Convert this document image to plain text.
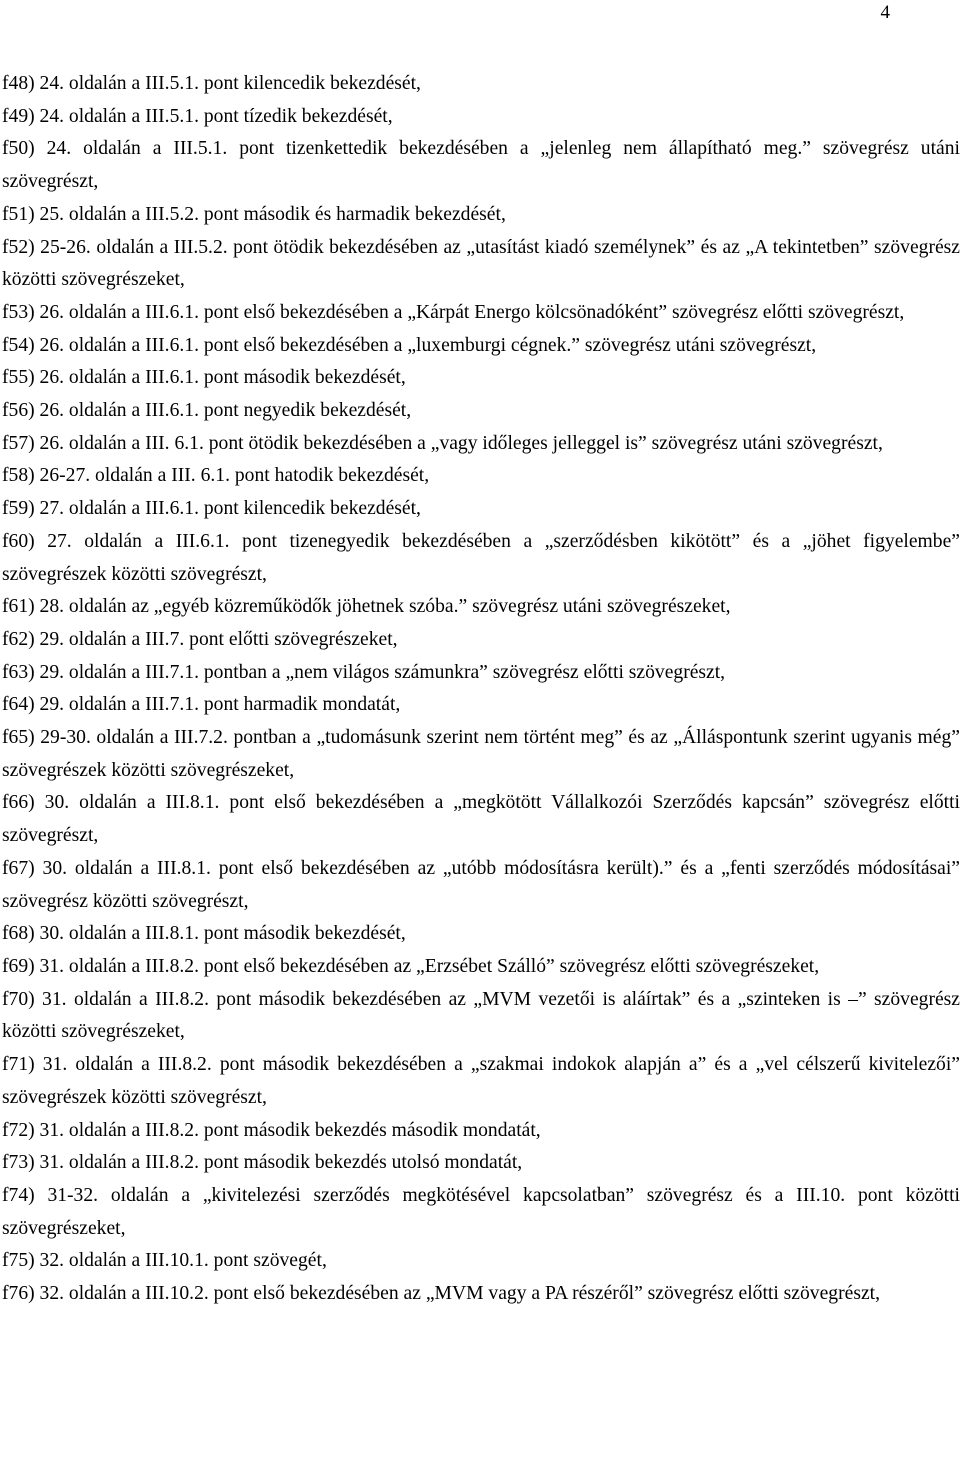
4

f48) 24. oldalán a III.5.1. pont kilencedik bekezdését,

f49) 24. oldalán a III.5.1. pont tízedik bekezdését,

f50) 24. oldalán a III.5.1. pont tizenkettedik bekezdésében a „jelenleg nem állapítható meg.” szövegrész utáni szövegrészt,

f51) 25. oldalán a III.5.2. pont második és harmadik bekezdését,

f52) 25-26. oldalán a III.5.2. pont ötödik bekezdésében az „utasítást kiadó személynek” és az „A tekintetben” szövegrész közötti szövegrészeket,

f53) 26. oldalán a III.6.1. pont első bekezdésében a „Kárpát Energo kölcsönadóként” szövegrész előtti szövegrészt,

f54) 26. oldalán a III.6.1. pont első bekezdésében a „luxemburgi cégnek.” szövegrész utáni szövegrészt,

f55) 26. oldalán a III.6.1. pont második bekezdését,

f56) 26. oldalán a III.6.1. pont negyedik bekezdését,

f57) 26. oldalán a III. 6.1. pont ötödik bekezdésében a „vagy időleges jelleggel is” szövegrész utáni szövegrészt,

f58) 26-27. oldalán a III. 6.1. pont hatodik bekezdését,

f59) 27. oldalán a III.6.1. pont kilencedik bekezdését,

f60) 27. oldalán a III.6.1. pont tizenegyedik bekezdésében a „szerződésben kikötött” és a „jöhet figyelembe” szövegrészek közötti szövegrészt,

f61) 28. oldalán az „egyéb közreműködők jöhetnek szóba.” szövegrész utáni szövegrészeket,

f62) 29. oldalán a III.7. pont előtti szövegrészeket,

f63) 29. oldalán a III.7.1. pontban a „nem világos számunkra” szövegrész előtti szövegrészt,

f64) 29. oldalán a III.7.1. pont harmadik mondatát,

f65) 29-30. oldalán a III.7.2. pontban a „tudomásunk szerint nem történt meg” és az „Álláspontunk szerint ugyanis még” szövegrészek közötti szövegrészeket,

f66) 30. oldalán a III.8.1. pont első bekezdésében a „megkötött Vállalkozói Szerződés kapcsán” szövegrész előtti szövegrészt,

f67) 30. oldalán a III.8.1. pont első bekezdésében az „utóbb módosításra került).” és a „fenti szerződés módosításai” szövegrész közötti szövegrészt,

f68) 30. oldalán a III.8.1. pont második bekezdését,

f69) 31. oldalán a III.8.2. pont első bekezdésében az „Erzsébet Szálló” szövegrész előtti szövegrészeket,

f70) 31. oldalán a III.8.2. pont második bekezdésében az „MVM vezetői is aláírtak” és a „szinteken is –” szövegrész közötti szövegrészeket,

f71) 31. oldalán a III.8.2. pont második bekezdésében a „szakmai indokok alapján a” és a „vel célszerű kivitelezői” szövegrészek közötti szövegrészt,

f72) 31. oldalán a III.8.2. pont második bekezdés második mondatát,

f73) 31. oldalán a III.8.2. pont második bekezdés utolsó mondatát,

f74) 31-32. oldalán a „kivitelezési szerződés megkötésével kapcsolatban” szövegrész és a III.10. pont közötti szövegrészeket,

f75) 32. oldalán a III.10.1. pont szövegét,

f76) 32. oldalán a III.10.2. pont első bekezdésében az „MVM vagy a PA részéről” szövegrész előtti szövegrészt,
